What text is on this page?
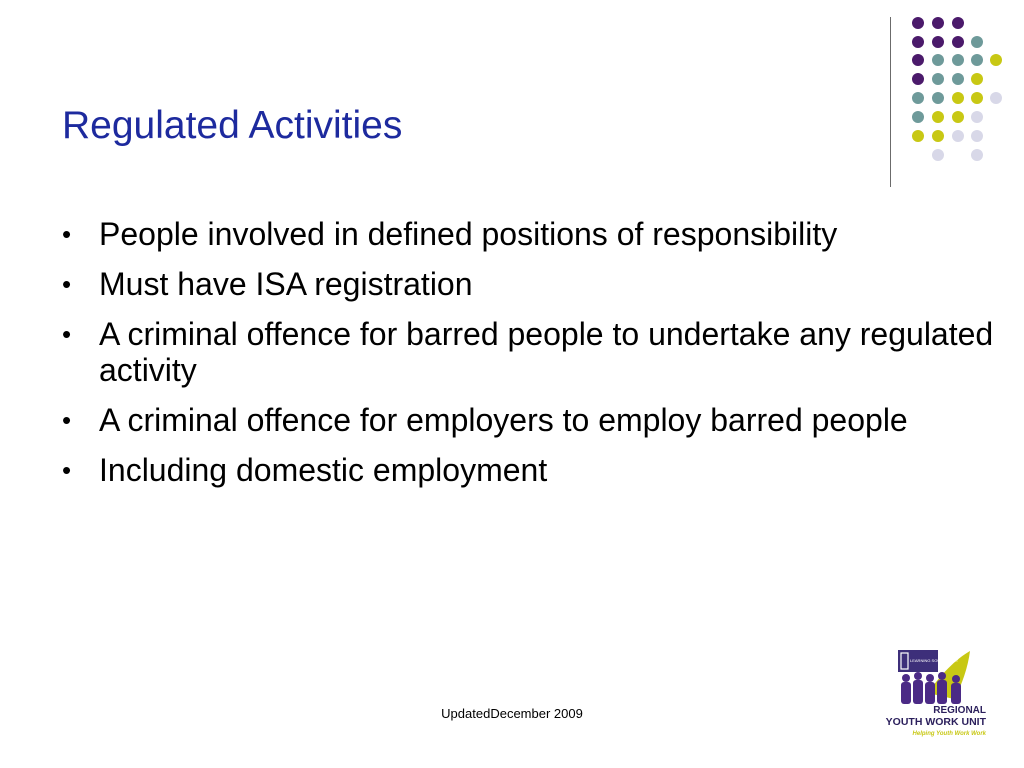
Regulated Activities
• People involved in defined positions of responsibility
• Must have ISA registration
• A criminal offence for barred people to undertake any regulated activity
• A criminal offence for employers to employ barred people
• Including domestic employment
UpdatedDecember 2009
LEARNING SOUTH WEST
REGIONAL
YOUTH WORK UNIT
Helping Youth Work Work
